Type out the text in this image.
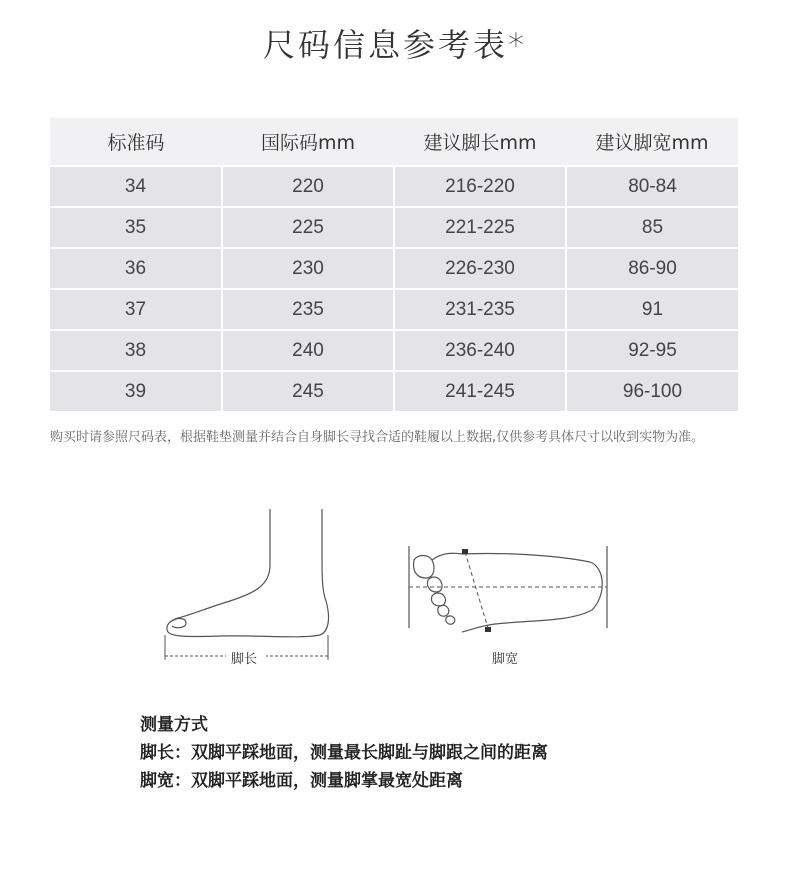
尺码信息参考表*
标准码	国际码mm	建议脚长mm	建议脚宽mm
34	220	216-220	80-84
35	225	221-225	85
36	230	226-230	86-90
37	235	231-235	91
38	240	236-240	92-95
39	245	241-245	96-100
购买时请参照尺码表，根据鞋垫测量并结合自身脚长寻找合适的鞋履以上数据,仅供参考具体尺寸以收到实物为准。
脚长	脚宽
测量方式
脚长：双脚平踩地面，测量最长脚趾与脚跟之间的距离
脚宽：双脚平踩地面，测量脚掌最宽处距离
